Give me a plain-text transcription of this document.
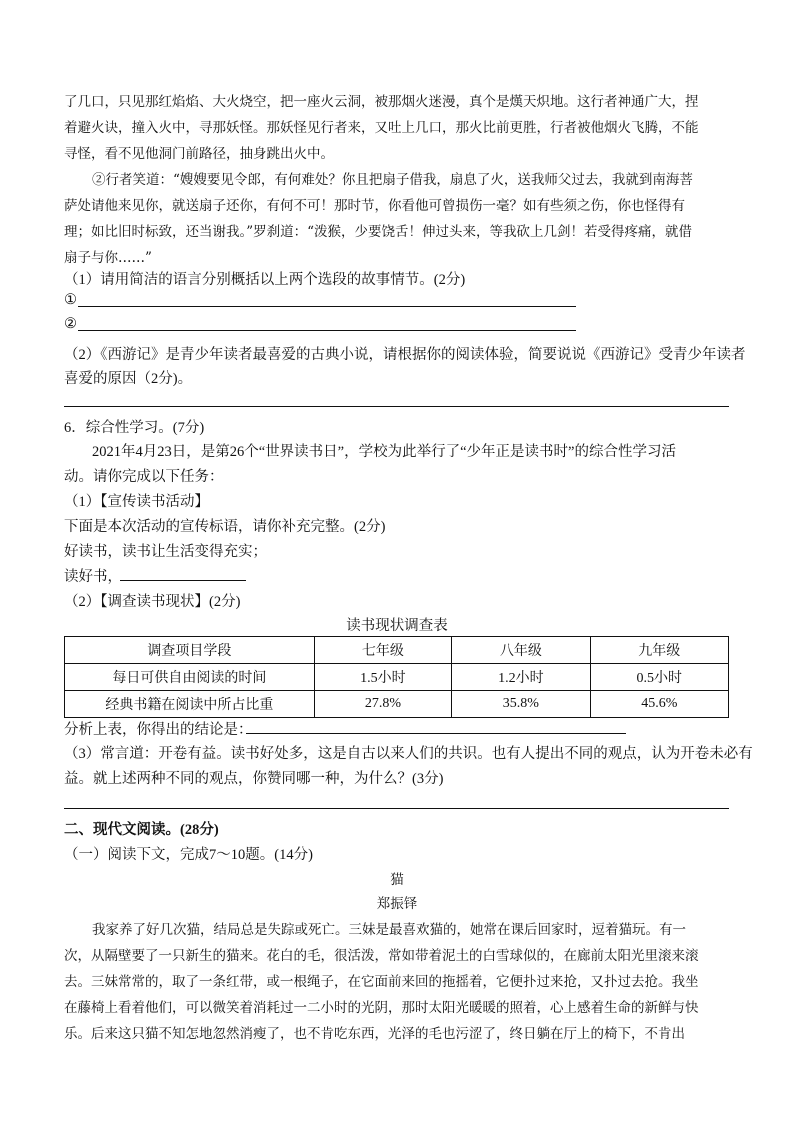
了几口，只见那红焰焰、大火烧空，把一座火云洞，被那烟火迷漫，真个是熯天炽地。这行者神通广大，捏
着避火诀，撞入火中，寻那妖怪。那妖怪见行者来，又吐上几口，那火比前更胜，行者被他烟火飞腾，不能
寻怪，看不见他洞门前路径，抽身跳出火中。
②行者笑道：“嫂嫂要见令郎，有何难处？你且把扇子借我，扇息了火，送我师父过去，我就到南海菩
萨处请他来见你，就送扇子还你，有何不可！那时节，你看他可曾损伤一毫？如有些须之伤，你也怪得有
理；如比旧时标致，还当谢我。”罗刹道：“泼猴，少要饶舌！伸过头来，等我砍上几剑！若受得疼痛，就借
扇子与你……”
（1）请用简洁的语言分别概括以上两个选段的故事情节。(2分)
①
②
（2）《西游记》是青少年读者最喜爱的古典小说，请根据你的阅读体验，简要说说《西游记》受青少年读者
喜爱的原因（2分)。
6．综合性学习。(7分)
2021年4月23日，是第26个“世界读书日”，学校为此举行了“少年正是读书时”的综合性学习活
动。请你完成以下任务：
（1）【宣传读书活动】
下面是本次活动的宣传标语，请你补充完整。(2分)
好读书，读书让生活变得充实；
读好书，
（2）【调查读书现状】(2分)
读书现状调查表
调查项目学段	七年级	八年级	九年级
每日可供自由阅读的时间	1.5小时	1.2小时	0.5小时
经典书籍在阅读中所占比重	27.8%	35.8%	45.6%
分析上表，你得出的结论是：
（3）常言道：开卷有益。读书好处多，这是自古以来人们的共识。也有人提出不同的观点，认为开卷未必有
益。就上述两种不同的观点，你赞同哪一种，为什么？(3分)
二、现代文阅读。(28分)
（一）阅读下文，完成7～10题。(14分)
猫
郑振铎
我家养了好几次猫，结局总是失踪或死亡。三妹是最喜欢猫的，她常在课后回家时，逗着猫玩。有一
次，从隔壁要了一只新生的猫来。花白的毛，很活泼，常如带着泥土的白雪球似的，在廊前太阳光里滚来滚
去。三妹常常的，取了一条红带，或一根绳子，在它面前来回的拖摇着，它便扑过来抢，又扑过去抢。我坐
在藤椅上看着他们，可以微笑着消耗过一二小时的光阴，那时太阳光暖暖的照着，心上感着生命的新鲜与快
乐。后来这只猫不知怎地忽然消瘦了，也不肯吃东西，光泽的毛也污涩了，终日躺在厅上的椅下，不肯出
